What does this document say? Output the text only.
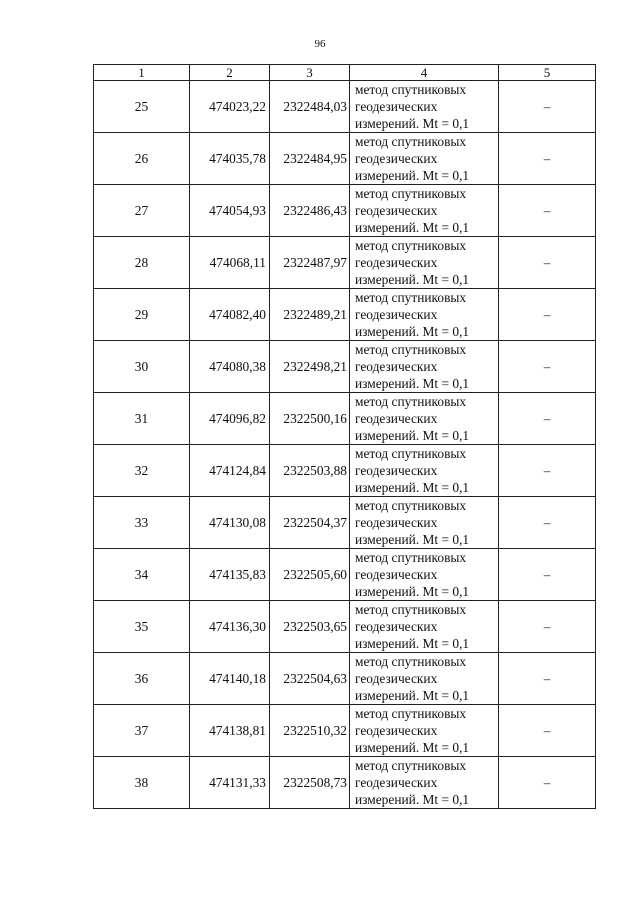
96
1	2	3	4	5
25	474023,22	2322484,03	метод спутниковых
геодезических
измерений. Mt = 0,1	–
26	474035,78	2322484,95	метод спутниковых
геодезических
измерений. Mt = 0,1	–
27	474054,93	2322486,43	метод спутниковых
геодезических
измерений. Mt = 0,1	–
28	474068,11	2322487,97	метод спутниковых
геодезических
измерений. Mt = 0,1	–
29	474082,40	2322489,21	метод спутниковых
геодезических
измерений. Mt = 0,1	–
30	474080,38	2322498,21	метод спутниковых
геодезических
измерений. Mt = 0,1	–
31	474096,82	2322500,16	метод спутниковых
геодезических
измерений. Mt = 0,1	–
32	474124,84	2322503,88	метод спутниковых
геодезических
измерений. Mt = 0,1	–
33	474130,08	2322504,37	метод спутниковых
геодезических
измерений. Mt = 0,1	–
34	474135,83	2322505,60	метод спутниковых
геодезических
измерений. Mt = 0,1	–
35	474136,30	2322503,65	метод спутниковых
геодезических
измерений. Mt = 0,1	–
36	474140,18	2322504,63	метод спутниковых
геодезических
измерений. Mt = 0,1	–
37	474138,81	2322510,32	метод спутниковых
геодезических
измерений. Mt = 0,1	–
38	474131,33	2322508,73	метод спутниковых
геодезических
измерений. Mt = 0,1	–
